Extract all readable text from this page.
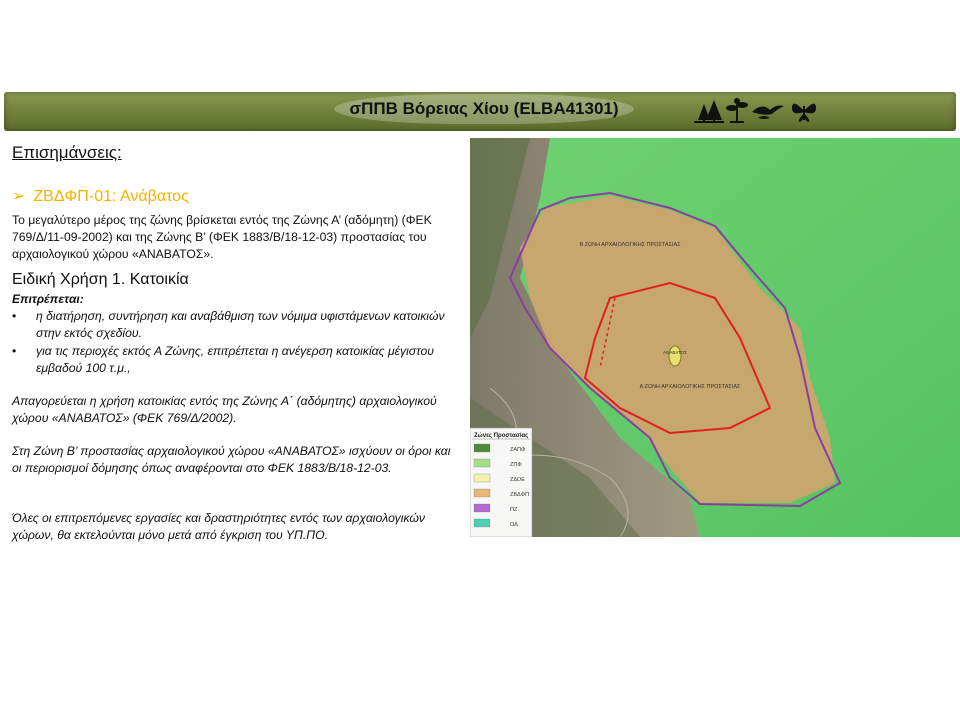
σΠΠΒ Βόρειας Χίου (ELBA41301)
Επισημάνσεις:
➢ ΖΒΔΦΠ-01: Ανάβατος
Το μεγαλύτερο μέρος της ζώνης βρίσκεται εντός της Ζώνης Α’ (αδόμητη) (ΦΕΚ 769/Δ/11-09-2002) και της Ζώνης Β’ (ΦΕΚ 1883/Β/18-12-03) προστασίας του αρχαιολογικού χώρου «ΑΝΑΒΑΤΟΣ».
Ειδική Χρήση 1. Κατοικία
Επιτρέπεται:
• η διατήρηση, συντήρηση και αναβάθμιση των νόμιμα υφιστάμενων κατοικιών στην εκτός σχεδίου.
• για τις περιοχές εκτός Α Ζώνης, επιτρέπεται η ανέγερση κατοικίας μέγιστου εμβαδού 100 τ.μ.,
Απαγορεύεται η χρήση κατοικίας εντός της Ζώνης Α΄ (αδόμητης) αρχαιολογικού χώρου «ΑΝΑΒΑΤΟΣ» (ΦΕΚ 769/Δ/2002).
Στη Ζώνη Β’ προστασίας αρχαιολογικού χώρου «ΑΝΑΒΑΤΟΣ» ισχύουν οι όροι και οι περιορισμοί δόμησης όπως αναφέρονται στο ΦΕΚ 1883/Β/18-12-03.
Όλες οι επιτρεπόμενες εργασίες και δραστηριότητες εντός των αρχαιολογικών χώρων, θα εκτελούνται μόνο μετά από έγκριση του ΥΠ.ΠΟ.
Β ΖΩΝΗ ΑΡΧΑΙΟΛΟΓΙΚΗΣ ΠΡΟΣΤΑΣΙΑΣ
Α ΖΩΝΗ ΑΡΧΑΙΟΛΟΓΙΚΗΣ ΠΡΟΣΤΑΣΙΑΣ
ΑΝΑΒΑΤΟΣ
Ζώνες Προστασίας
ΖΑΠΦ
ΖΠΦ
ΖΔΟΕ
ΖΒΔΦΠ
ΠΖ
ΟΔ
